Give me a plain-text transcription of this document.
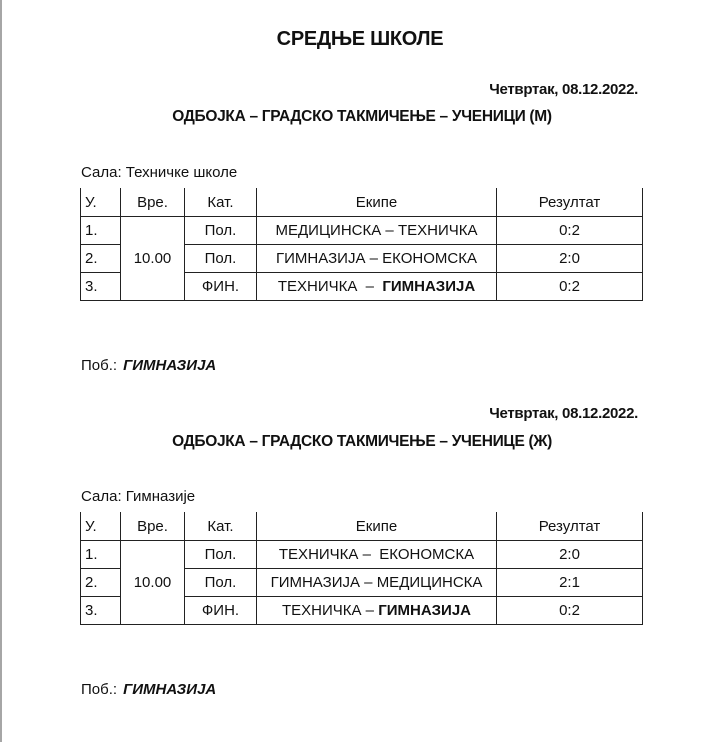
СРЕДЊЕ ШКОЛЕ
Четвртак, 08.12.2022.
ОДБОЈКА – ГРАДСКО ТАКМИЧЕЊЕ – УЧЕНИЦИ (М)
Сала: Техничке школе
У.	Вре.	Кат.	Екипе	Резултат
1.	10.00	Пол.	МЕДИЦИНСКА – ТЕХНИЧКА	0:2
2.		Пол.	ГИМНАЗИЈА – ЕКОНОМСКА	2:0
3.		ФИН.	ТЕХНИЧКА  –  ГИМНАЗИЈА	0:2
Поб.: ГИМНАЗИЈА
Четвртак, 08.12.2022.
ОДБОЈКА – ГРАДСКО ТАКМИЧЕЊЕ – УЧЕНИЦЕ (Ж)
Сала: Гимназије
У.	Вре.	Кат.	Екипе	Резултат
1.	10.00	Пол.	ТЕХНИЧКА –  ЕКОНОМСКА	2:0
2.		Пол.	ГИМНАЗИЈА – МЕДИЦИНСКА	2:1
3.		ФИН.	ТЕХНИЧКА – ГИМНАЗИЈА	0:2
Поб.: ГИМНАЗИЈА
